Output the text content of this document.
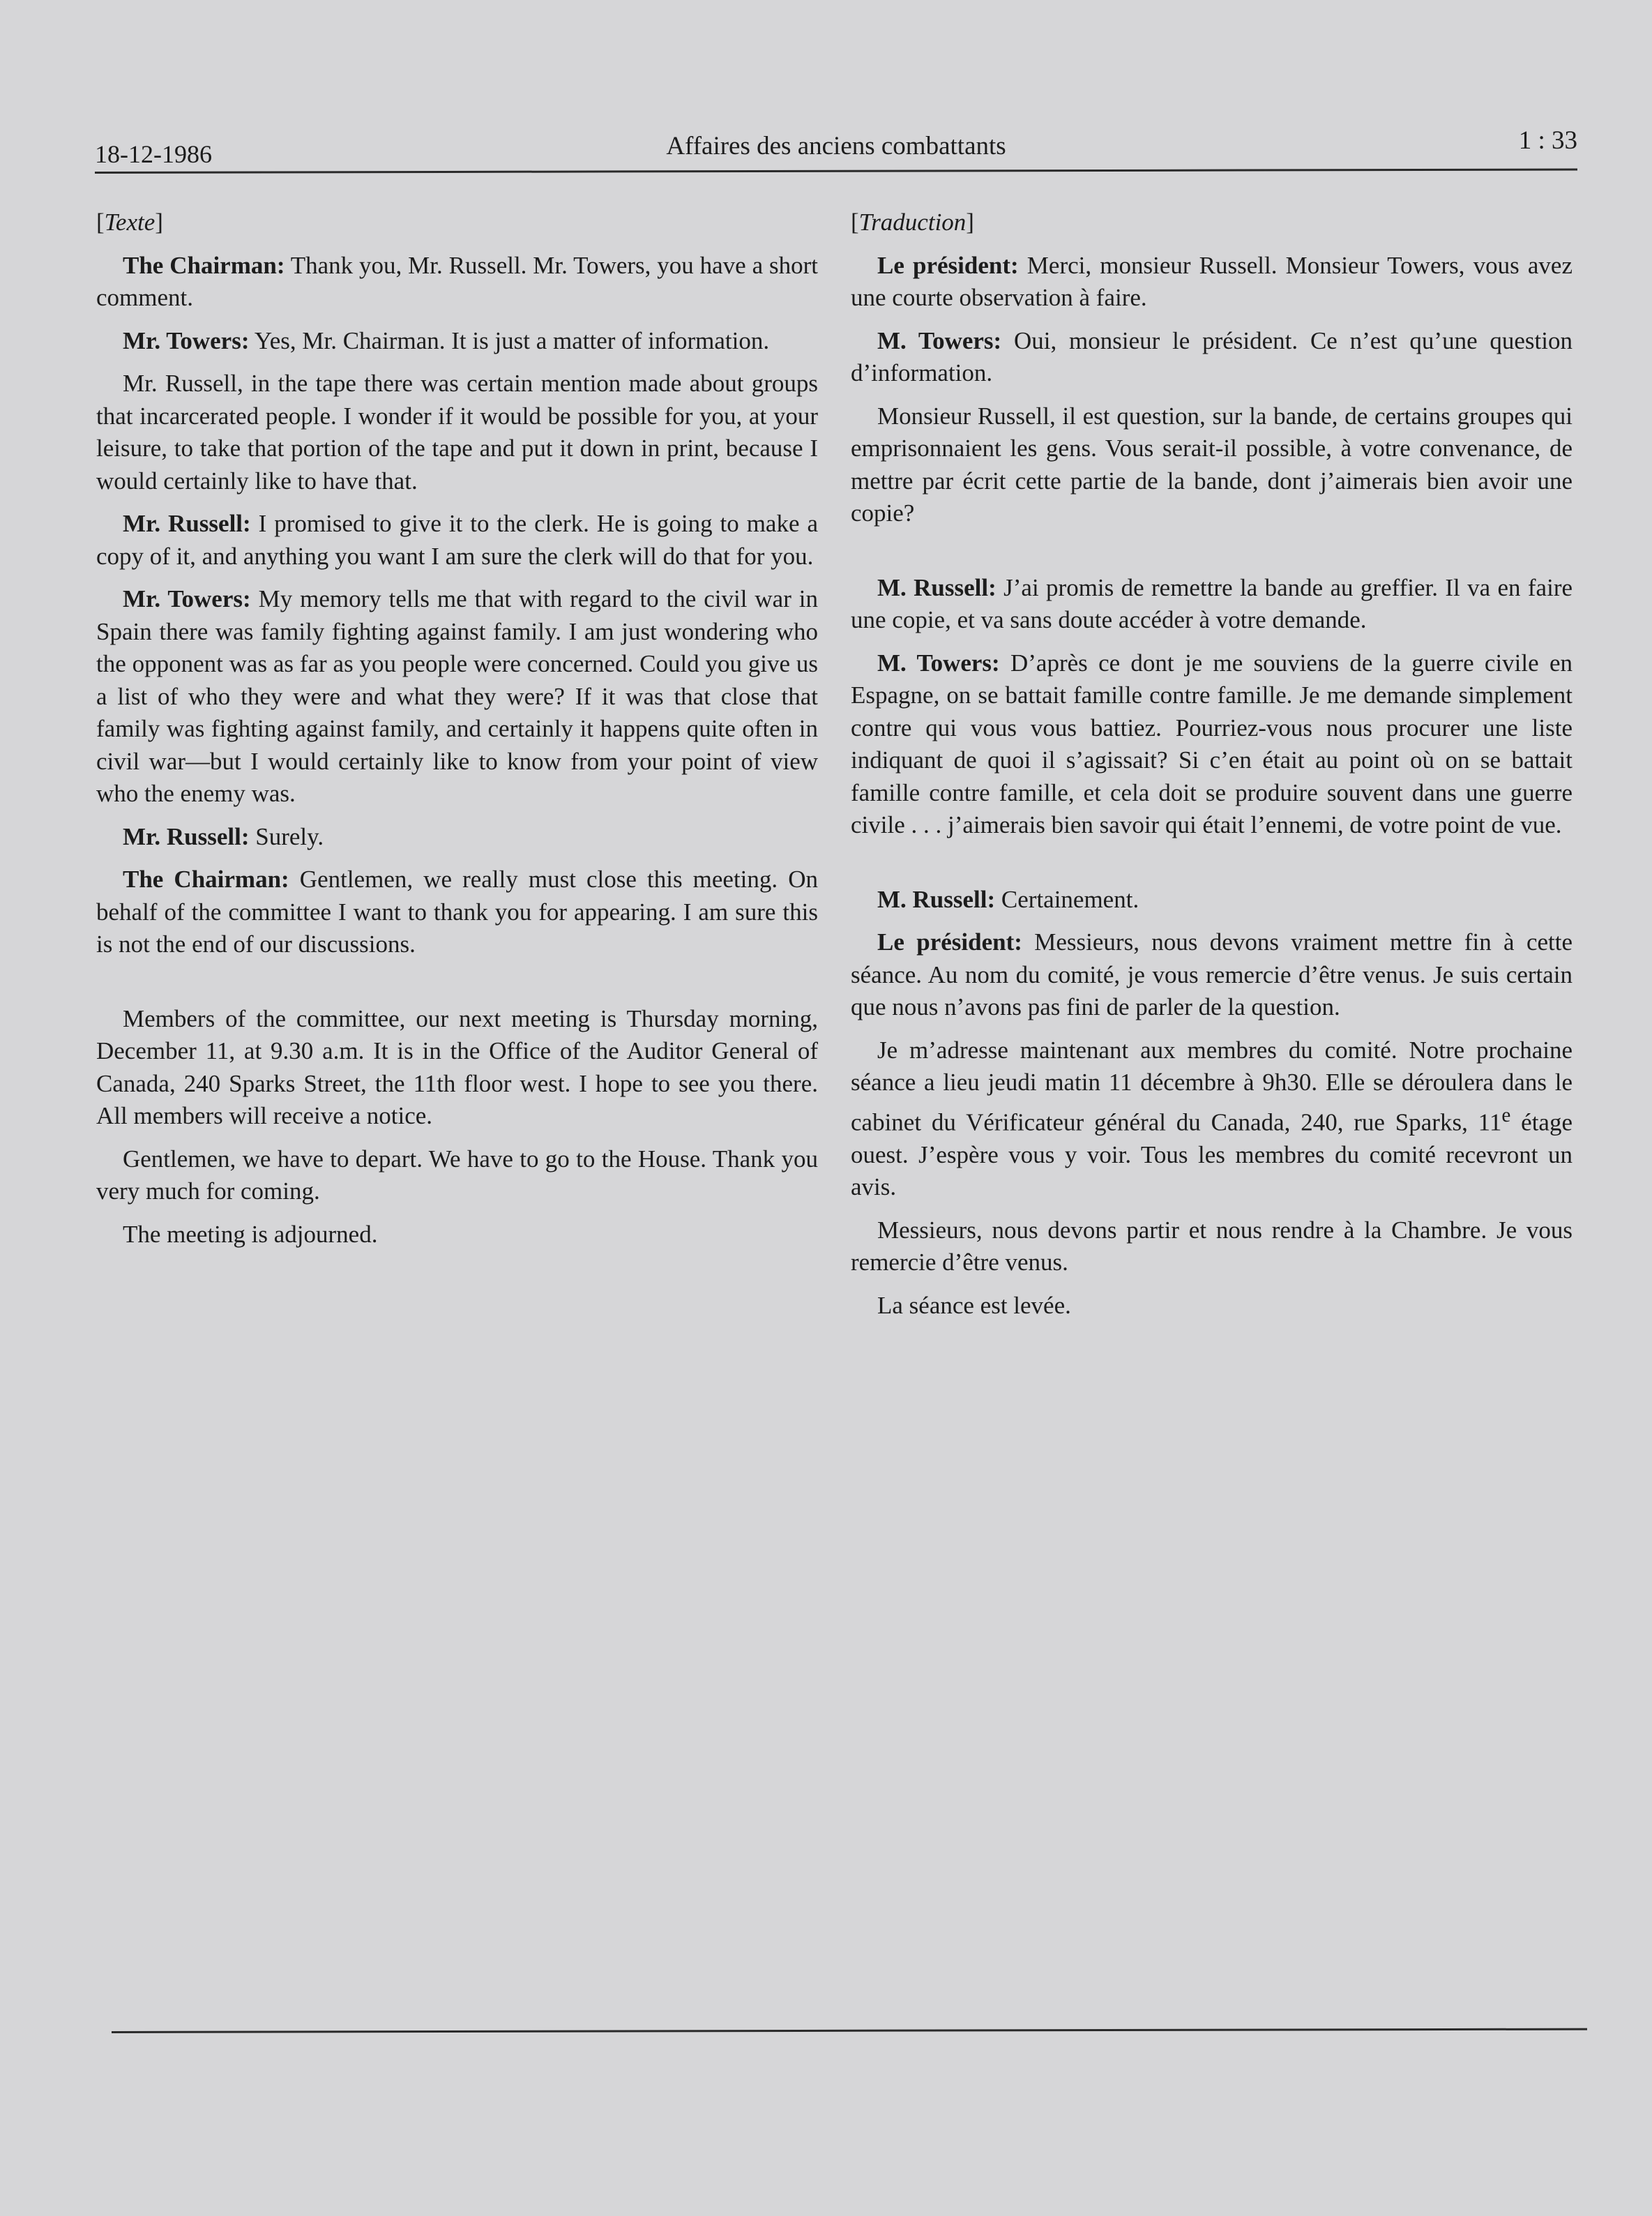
18-12-1986	Affaires des anciens combattants	1 : 33

[Texte]

The Chairman: Thank you, Mr. Russell. Mr. Towers, you have a short comment.

Mr. Towers: Yes, Mr. Chairman. It is just a matter of information.

Mr. Russell, in the tape there was certain mention made about groups that incarcerated people. I wonder if it would be possible for you, at your leisure, to take that portion of the tape and put it down in print, because I would certainly like to have that.

Mr. Russell: I promised to give it to the clerk. He is going to make a copy of it, and anything you want I am sure the clerk will do that for you.

Mr. Towers: My memory tells me that with regard to the civil war in Spain there was family fighting against family. I am just wondering who the opponent was as far as you people were concerned. Could you give us a list of who they were and what they were? If it was that close that family was fighting against family, and certainly it happens quite often in civil war—but I would certainly like to know from your point of view who the enemy was.

Mr. Russell: Surely.

The Chairman: Gentlemen, we really must close this meeting. On behalf of the committee I want to thank you for appearing. I am sure this is not the end of our discussions.

Members of the committee, our next meeting is Thursday morning, December 11, at 9.30 a.m. It is in the Office of the Auditor General of Canada, 240 Sparks Street, the 11th floor west. I hope to see you there. All members will receive a notice.

Gentlemen, we have to depart. We have to go to the House. Thank you very much for coming.

The meeting is adjourned.

[Traduction]

Le président: Merci, monsieur Russell. Monsieur Towers, vous avez une courte observation à faire.

M. Towers: Oui, monsieur le président. Ce n’est qu’une question d’information.

Monsieur Russell, il est question, sur la bande, de certains groupes qui emprisonnaient les gens. Vous serait-il possible, à votre convenance, de mettre par écrit cette partie de la bande, dont j’aimerais bien avoir une copie?

M. Russell: J’ai promis de remettre la bande au greffier. Il va en faire une copie, et va sans doute accéder à votre demande.

M. Towers: D’après ce dont je me souviens de la guerre civile en Espagne, on se battait famille contre famille. Je me demande simplement contre qui vous vous battiez. Pourriez-vous nous procurer une liste indiquant de quoi il s’agissait? Si c’en était au point où on se battait famille contre famille, et cela doit se produire souvent dans une guerre civile . . . j’aimerais bien savoir qui était l’ennemi, de votre point de vue.

M. Russell: Certainement.

Le président: Messieurs, nous devons vraiment mettre fin à cette séance. Au nom du comité, je vous remercie d’être venus. Je suis certain que nous n’avons pas fini de parler de la question.

Je m’adresse maintenant aux membres du comité. Notre prochaine séance a lieu jeudi matin 11 décembre à 9h30. Elle se déroulera dans le cabinet du Vérificateur général du Canada, 240, rue Sparks, 11e étage ouest. J’espère vous y voir. Tous les membres du comité recevront un avis.

Messieurs, nous devons partir et nous rendre à la Chambre. Je vous remercie d’être venus.

La séance est levée.
